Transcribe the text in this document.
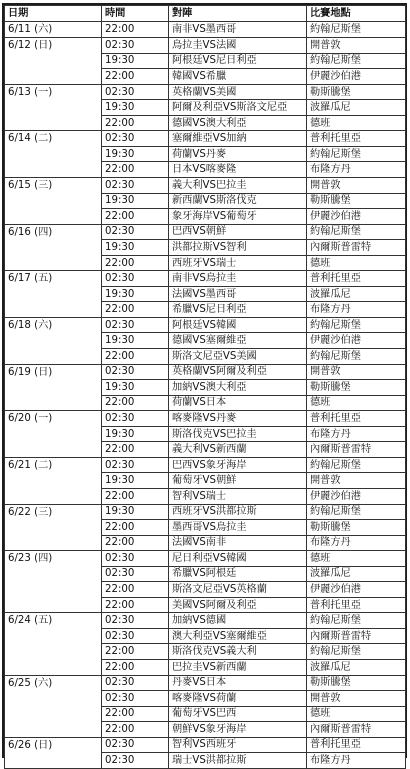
日期	時間	對陣	比賽地點
6/11 (六)	22:00	南非VS墨西哥	約翰尼斯堡
6/12 (日)	02:30	烏拉圭VS法國	開普敦
	19:30	阿根廷VS尼日利亞	約翰尼斯堡
	22:00	韓國VS希臘	伊麗沙伯港
6/13 (一)	02:30	英格蘭VS美國	勒斯騰堡
	19:30	阿爾及利亞VS斯洛文尼亞	波羅瓜尼
	22:00	德國VS澳大利亞	德班
6/14 (二)	02:30	塞爾維亞VS加納	普利托里亞
	19:30	荷蘭VS丹麥	約翰尼斯堡
	22:00	日本VS喀麥隆	布隆方丹
6/15 (三)	02:30	義大利VS巴拉圭	開普敦
	19:30	新西蘭VS斯洛伐克	勒斯騰堡
	22:00	象牙海岸VS葡萄牙	伊麗沙伯港
6/16 (四)	02:30	巴西VS朝鮮	約翰尼斯堡
	19:30	洪都拉斯VS智利	內爾斯普雷特
	22:00	西班牙VS瑞士	德班
6/17 (五)	02:30	南非VS烏拉圭	普利托里亞
	19:30	法國VS墨西哥	波羅瓜尼
	22:00	希臘VS尼日利亞	布隆方丹
6/18 (六)	02:30	阿根廷VS韓國	約翰尼斯堡
	19:30	德國VS塞爾維亞	伊麗沙伯港
	22:00	斯洛文尼亞VS美國	約翰尼斯堡
6/19 (日)	02:30	英格蘭VS阿爾及利亞	開普敦
	19:30	加納VS澳大利亞	勒斯騰堡
	22:00	荷蘭VS日本	德班
6/20 (一)	02:30	喀麥隆VS丹麥	普利托里亞
	19:30	斯洛伐克VS巴拉圭	布隆方丹
	22:00	義大利VS新西蘭	內爾斯普雷特
6/21 (二)	02:30	巴西VS象牙海岸	約翰尼斯堡
	19:30	葡萄牙VS朝鮮	開普敦
	22:00	智利VS瑞士	伊麗沙伯港
6/22 (三)	19:30	西班牙VS洪都拉斯	約翰尼斯堡
	22:00	墨西哥VS烏拉圭	勒斯騰堡
	22:00	法國VS南非	布隆方丹
6/23 (四)	02:30	尼日利亞VS韓國	德班
	02:30	希臘VS阿根廷	波羅瓜尼
	22:00	斯洛文尼亞VS英格蘭	伊麗沙伯港
	22:00	美國VS阿爾及利亞	普利托里亞
6/24 (五)	02:30	加納VS德國	約翰尼斯堡
	02:30	澳大利亞VS塞爾維亞	內爾斯普雷特
	22:00	斯洛伐克VS義大利	約翰尼斯堡
	22:00	巴拉圭VS新西蘭	波羅瓜尼
6/25 (六)	02:30	丹麥VS日本	勒斯騰堡
	02:30	喀麥隆VS荷蘭	開普敦
	22:00	葡萄牙VS巴西	德班
	22:00	朝鮮VS象牙海岸	內爾斯普雷特
6/26 (日)	02:30	智利VS西班牙	普利托里亞
	02:30	瑞士VS洪都拉斯	布隆方丹
